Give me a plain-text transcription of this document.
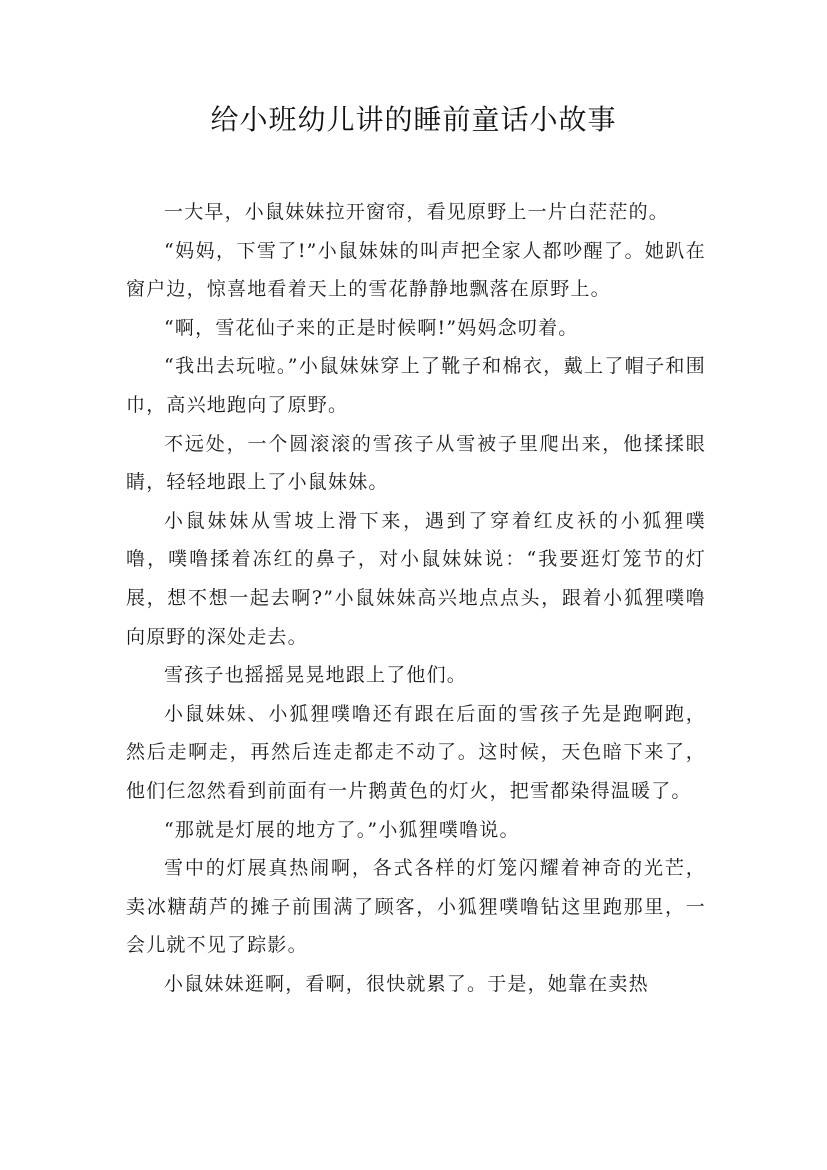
给小班幼儿讲的睡前童话小故事

一大早，小鼠妹妹拉开窗帘，看见原野上一片白茫茫的。

“妈妈，下雪了!”小鼠妹妹的叫声把全家人都吵醒了。她趴在窗户边，惊喜地看着天上的雪花静静地飘落在原野上。

“啊，雪花仙子来的正是时候啊!”妈妈念叨着。

“我出去玩啦。”小鼠妹妹穿上了靴子和棉衣，戴上了帽子和围巾，高兴地跑向了原野。

不远处，一个圆滚滚的雪孩子从雪被子里爬出来，他揉揉眼睛，轻轻地跟上了小鼠妹妹。

小鼠妹妹从雪坡上滑下来，遇到了穿着红皮袄的小狐狸噗噜，噗噜揉着冻红的鼻子，对小鼠妹妹说：“我要逛灯笼节的灯展，想不想一起去啊?”小鼠妹妹高兴地点点头，跟着小狐狸噗噜向原野的深处走去。

雪孩子也摇摇晃晃地跟上了他们。

小鼠妹妹、小狐狸噗噜还有跟在后面的雪孩子先是跑啊跑，然后走啊走，再然后连走都走不动了。这时候，天色暗下来了，他们仨忽然看到前面有一片鹅黄色的灯火，把雪都染得温暖了。

“那就是灯展的地方了。”小狐狸噗噜说。

雪中的灯展真热闹啊，各式各样的灯笼闪耀着神奇的光芒，卖冰糖葫芦的摊子前围满了顾客，小狐狸噗噜钻这里跑那里，一会儿就不见了踪影。

小鼠妹妹逛啊，看啊，很快就累了。于是，她靠在卖热
